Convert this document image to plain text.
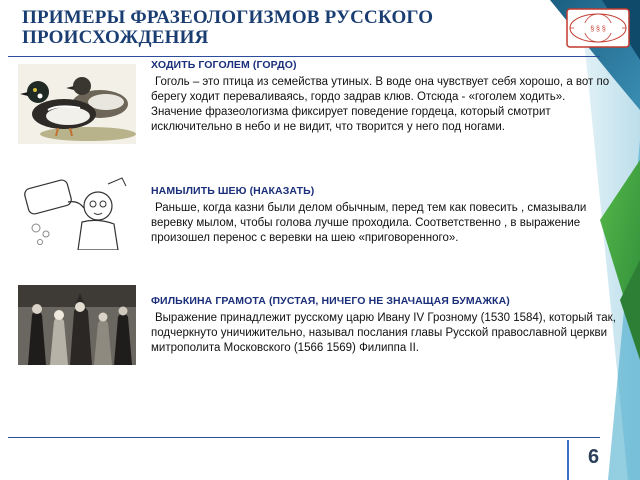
§ § §
ПРИМЕРЫ ФРАЗЕОЛОГИЗМОВ РУССКОГО
ПРОИСХОЖДЕНИЯ
ХОДИТЬ ГОГОЛЕМ (ГОРДО)
Гоголь – это птица из семейства утиных. В воде она чувствует себя хорошо, а вот по берегу ходит переваливаясь, гордо задрав клюв. Отсюда - «гоголем ходить». Значение фразеологизма фиксирует поведение гордеца, который смотрит исключительно в небо и не видит, что творится у него под ногами.
НАМЫЛИТЬ ШЕЮ (НАКАЗАТЬ)
Раньше, когда казни были делом обычным, перед тем как повесить , смазывали веревку мылом, чтобы голова лучше проходила. Соответственно , в выражение произошел перенос с веревки на шею «приговоренного».
ФИЛЬКИНА ГРАМОТА (ПУСТАЯ, НИЧЕГО НЕ ЗНАЧАЩАЯ БУМАЖКА)
Выражение принадлежит русскому царю Ивану IV Грозному (1530 1584), который так, подчеркнуто уничижительно, называл послания главы Русской православной церкви митрополита Московского (1566 1569) Филиппа II.
6
